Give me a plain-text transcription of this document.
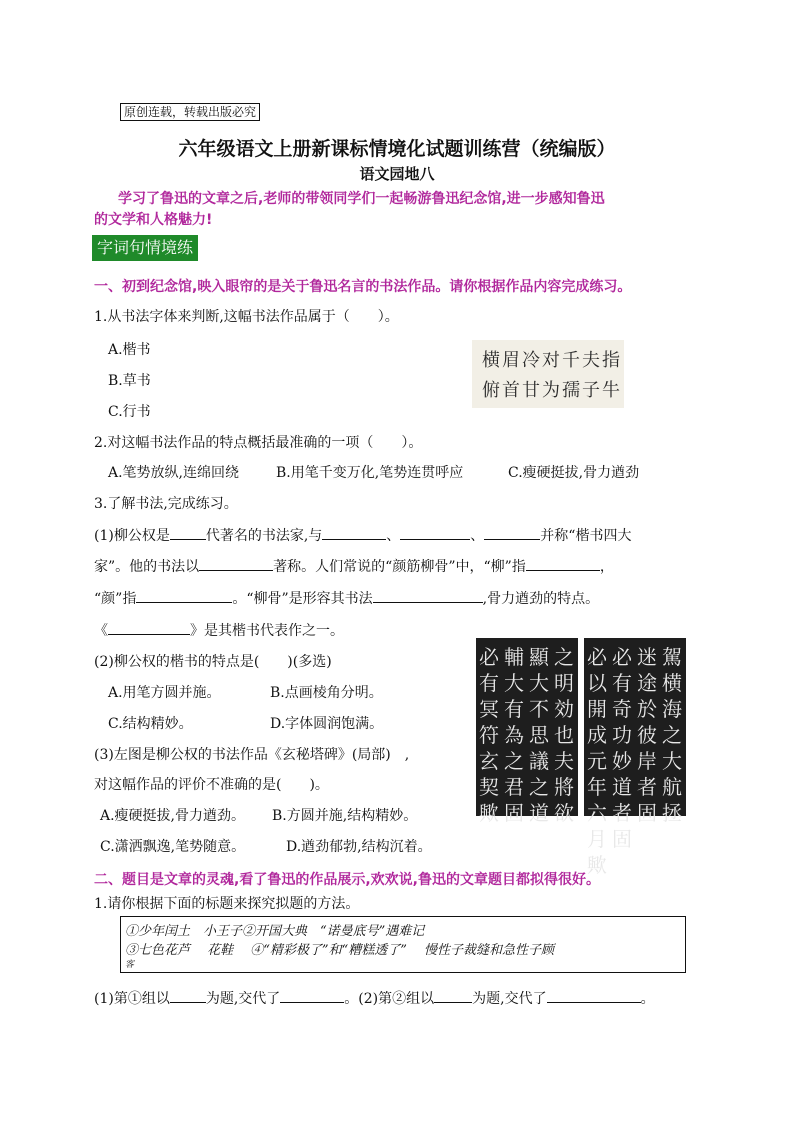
原创连载，转载出版必究
六年级语文上册新课标情境化试题训练营（统编版）
语文园地八
学习了鲁迅的文章之后,老师的带领同学们一起畅游鲁迅纪念馆,进一步感知鲁迅
的文学和人格魅力!
字词句情境练
一、初到纪念馆,映入眼帘的是关于鲁迅名言的书法作品。请你根据作品内容完成练习。
1.从书法字体来判断,这幅书法作品属于（　　）。
A.楷书
B.草书
C.行书
横眉冷对千夫指
俯首甘为孺子牛
2.对这幅书法作品的特点概括最准确的一项（　　）。
A.笔势放纵,连绵回绕	B.用笔千变万化,笔势连贯呼应	C.瘦硬挺拔,骨力遒劲
3.了解书法,完成练习。
(1)柳公权是	代著名的书法家,与	、	、	并称“楷书四大
家”。他的书法以	著称。人们常说的“颜筋柳骨”中，“柳”指	，
“颜”指	。“柳骨”是形容其书法	,骨力遒劲的特点。
《	》是其楷书代表作之一。
(2)柳公权的楷书的特点是(　　)(多选)
A.用笔方圆并施。	B.点画棱角分明。
C.结构精妙。	D.字体圆润饱满。
(3)左图是柳公权的书法作品《玄秘塔碑》(局部)　,
对这幅作品的评价不准确的是(　　)。
A.瘦硬挺拔,骨力遒劲。 B.方圆并施,结构精妙。
C.潇洒飘逸,笔势随意。	D.遒劲郁勃,结构沉着。
必有冥符玄契歟
輔大有為之君固
顯大不思議之道
之明効也夫將欲
必以開成元年六月歟
必有奇功妙道者固
迷途於彼岸者固
駕横海之大航拯
二、题目是文章的灵魂,看了鲁迅的作品展示,欢欢说,鲁迅的文章题目都拟得很好。
1.请你根据下面的标题来探究拟题的方法。
①少年闰土　小王子②开国大典　“诺曼底号”遇难记
③七色花芦　 花鞋　 ④“精彩极了”和“糟糕透了”　 慢性子裁缝和急性子顾
客
(1)第①组以	为题,交代了	。(2)第②组以	为题,交代了	。
